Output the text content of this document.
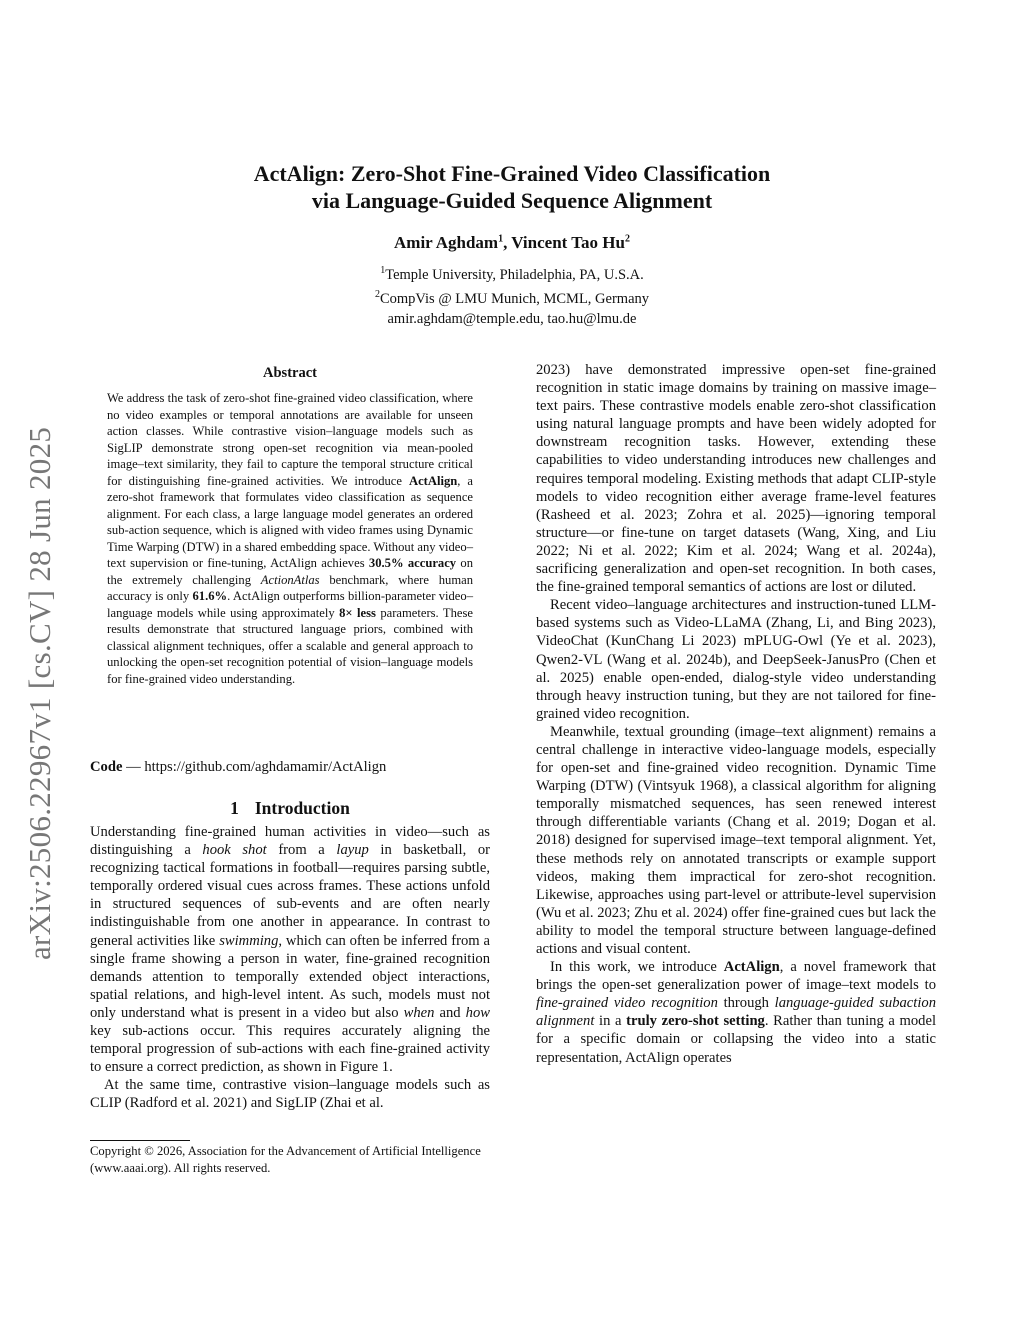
arXiv:2506.22967v1 [cs.CV] 28 Jun 2025
ActAlign: Zero-Shot Fine-Grained Video Classification
via Language-Guided Sequence Alignment
Amir Aghdam$^1$, Vincent Tao Hu$^2$
$^1$Temple University, Philadelphia, PA, U.S.A.
$^2$CompVis @ LMU Munich, MCML, Germany
amir.aghdam@temple.edu, tao.hu@lmu.de
Abstract

We address the task of zero-shot fine-grained video classification, where no video examples or temporal annotations are available for unseen action classes. While contrastive vision–language models such as SigLIP demonstrate strong open-set recognition via mean-pooled image–text similarity, they fail to capture the temporal structure critical for distinguishing fine-grained activities. We introduce ActAlign, a zero-shot framework that formulates video classification as sequence alignment. For each class, a large language model generates an ordered sub-action sequence, which is aligned with video frames using Dynamic Time Warping (DTW) in a shared embedding space. Without any video–text supervision or fine-tuning, ActAlign achieves 30.5% accuracy on the extremely challenging ActionAtlas benchmark, where human accuracy is only 61.6%. ActAlign outperforms billion-parameter video–language models while using approximately 8× less parameters. These results demonstrate that structured language priors, combined with classical alignment techniques, offer a scalable and general approach to unlocking the open-set recognition potential of vision–language models for fine-grained video understanding.

Code — https://github.com/aghdamamir/ActAlign
1 Introduction

Understanding fine-grained human activities in video—such as distinguishing a hook shot from a layup in basketball, or recognizing tactical formations in football—requires parsing subtle, temporally ordered visual cues across frames. These actions unfold in structured sequences of sub-events and are often nearly indistinguishable from one another in appearance. In contrast to general activities like swimming, which can often be inferred from a single frame showing a person in water, fine-grained recognition demands attention to temporally extended object interactions, spatial relations, and high-level intent. As such, models must not only understand what is present in a video but also when and how key sub-actions occur. This requires accurately aligning the temporal progression of sub-actions with each fine-grained activity to ensure a correct prediction, as shown in Figure 1.

At the same time, contrastive vision–language models such as CLIP (Radford et al. 2021) and SigLIP (Zhai et al.

Copyright © 2026, Association for the Advancement of Artificial Intelligence (www.aaai.org). All rights reserved.

2023) have demonstrated impressive open-set fine-grained recognition in static image domains by training on massive image–text pairs. These contrastive models enable zero-shot classification using natural language prompts and have been widely adopted for downstream recognition tasks. However, extending these capabilities to video understanding introduces new challenges and requires temporal modeling. Existing methods that adapt CLIP-style models to video recognition either average frame-level features (Rasheed et al. 2023; Zohra et al. 2025)—ignoring temporal structure—or fine-tune on target datasets (Wang, Xing, and Liu 2022; Ni et al. 2022; Kim et al. 2024; Wang et al. 2024a), sacrificing generalization and open-set recognition. In both cases, the fine-grained temporal semantics of actions are lost or diluted.

Recent video–language architectures and instruction-tuned LLM-based systems such as Video-LLaMA (Zhang, Li, and Bing 2023), VideoChat (KunChang Li 2023) mPLUG-Owl (Ye et al. 2023), Qwen2-VL (Wang et al. 2024b), and DeepSeek-JanusPro (Chen et al. 2025) enable open-ended, dialog-style video understanding through heavy instruction tuning, but they are not tailored for fine-grained video recognition.

Meanwhile, textual grounding (image–text alignment) remains a central challenge in interactive video-language models, especially for open-set and fine-grained video recognition. Dynamic Time Warping (DTW) (Vintsyuk 1968), a classical algorithm for aligning temporally mismatched sequences, has seen renewed interest through differentiable variants (Chang et al. 2019; Dogan et al. 2018) designed for supervised image–text temporal alignment. Yet, these methods rely on annotated transcripts or example support videos, making them impractical for zero-shot recognition. Likewise, approaches using part-level or attribute-level supervision (Wu et al. 2023; Zhu et al. 2024) offer fine-grained cues but lack the ability to model the temporal structure between language-defined actions and visual content.

In this work, we introduce ActAlign, a novel framework that brings the open-set generalization power of image–text models to fine-grained video recognition through language-guided subaction alignment in a truly zero-shot setting. Rather than tuning a model for a specific domain or collapsing the video into a static representation, ActAlign operates
